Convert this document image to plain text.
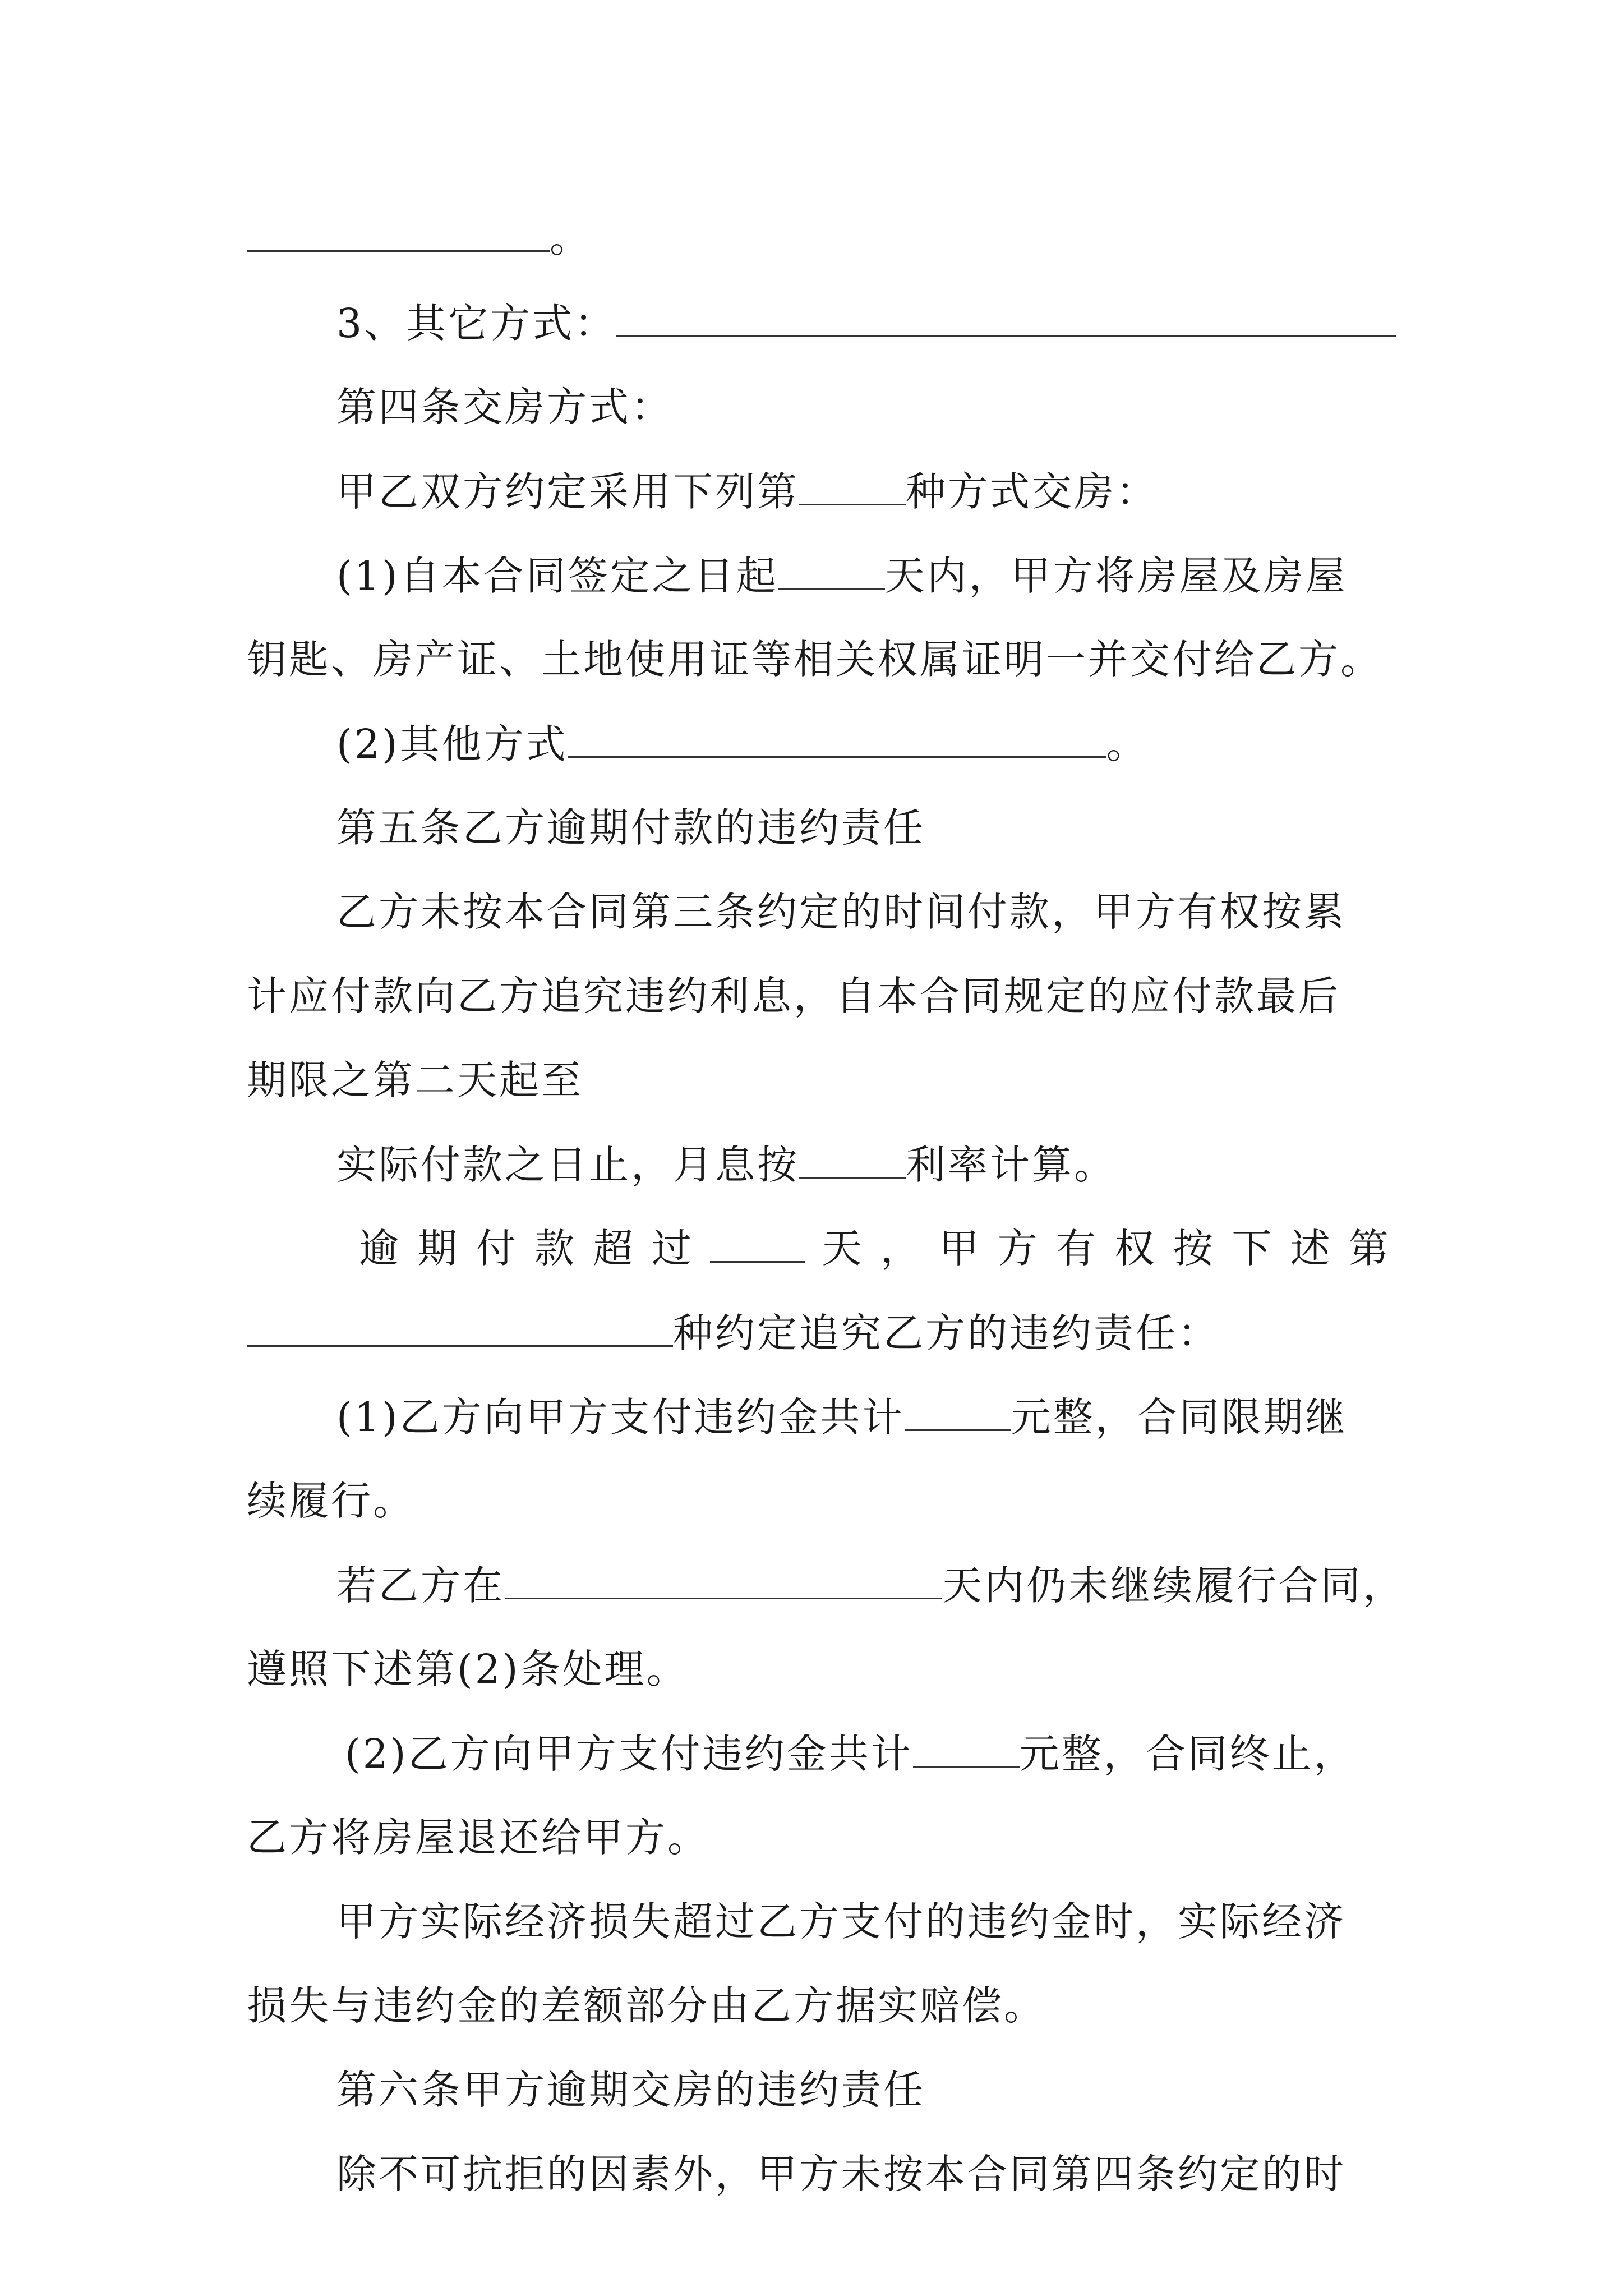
。
3、其它方式：
第四条交房方式：
甲乙双方约定采用下列第	种方式交房：
(1)自本合同签定之日起	天内，甲方将房屋及房屋
钥匙、房产证、土地使用证等相关权属证明一并交付给乙方。
(2)其他方式	。
第五条乙方逾期付款的违约责任
乙方未按本合同第三条约定的时间付款，甲方有权按累
计应付款向乙方追究违约利息，自本合同规定的应付款最后
期限之第二天起至
实际付款之日止，月息按	利率计算。
逾 期 付 款 超 过	天 ， 甲 方 有 权 按 下 述 第
种约定追究乙方的违约责任：
(1)乙方向甲方支付违约金共计	元整，合同限期继
续履行。
若乙方在	天内仍未继续履行合同，
遵照下述第(2)条处理。
(2)乙方向甲方支付违约金共计	元整，合同终止，
乙方将房屋退还给甲方。
甲方实际经济损失超过乙方支付的违约金时，实际经济
损失与违约金的差额部分由乙方据实赔偿。
第六条甲方逾期交房的违约责任
除不可抗拒的因素外，甲方未按本合同第四条约定的时
